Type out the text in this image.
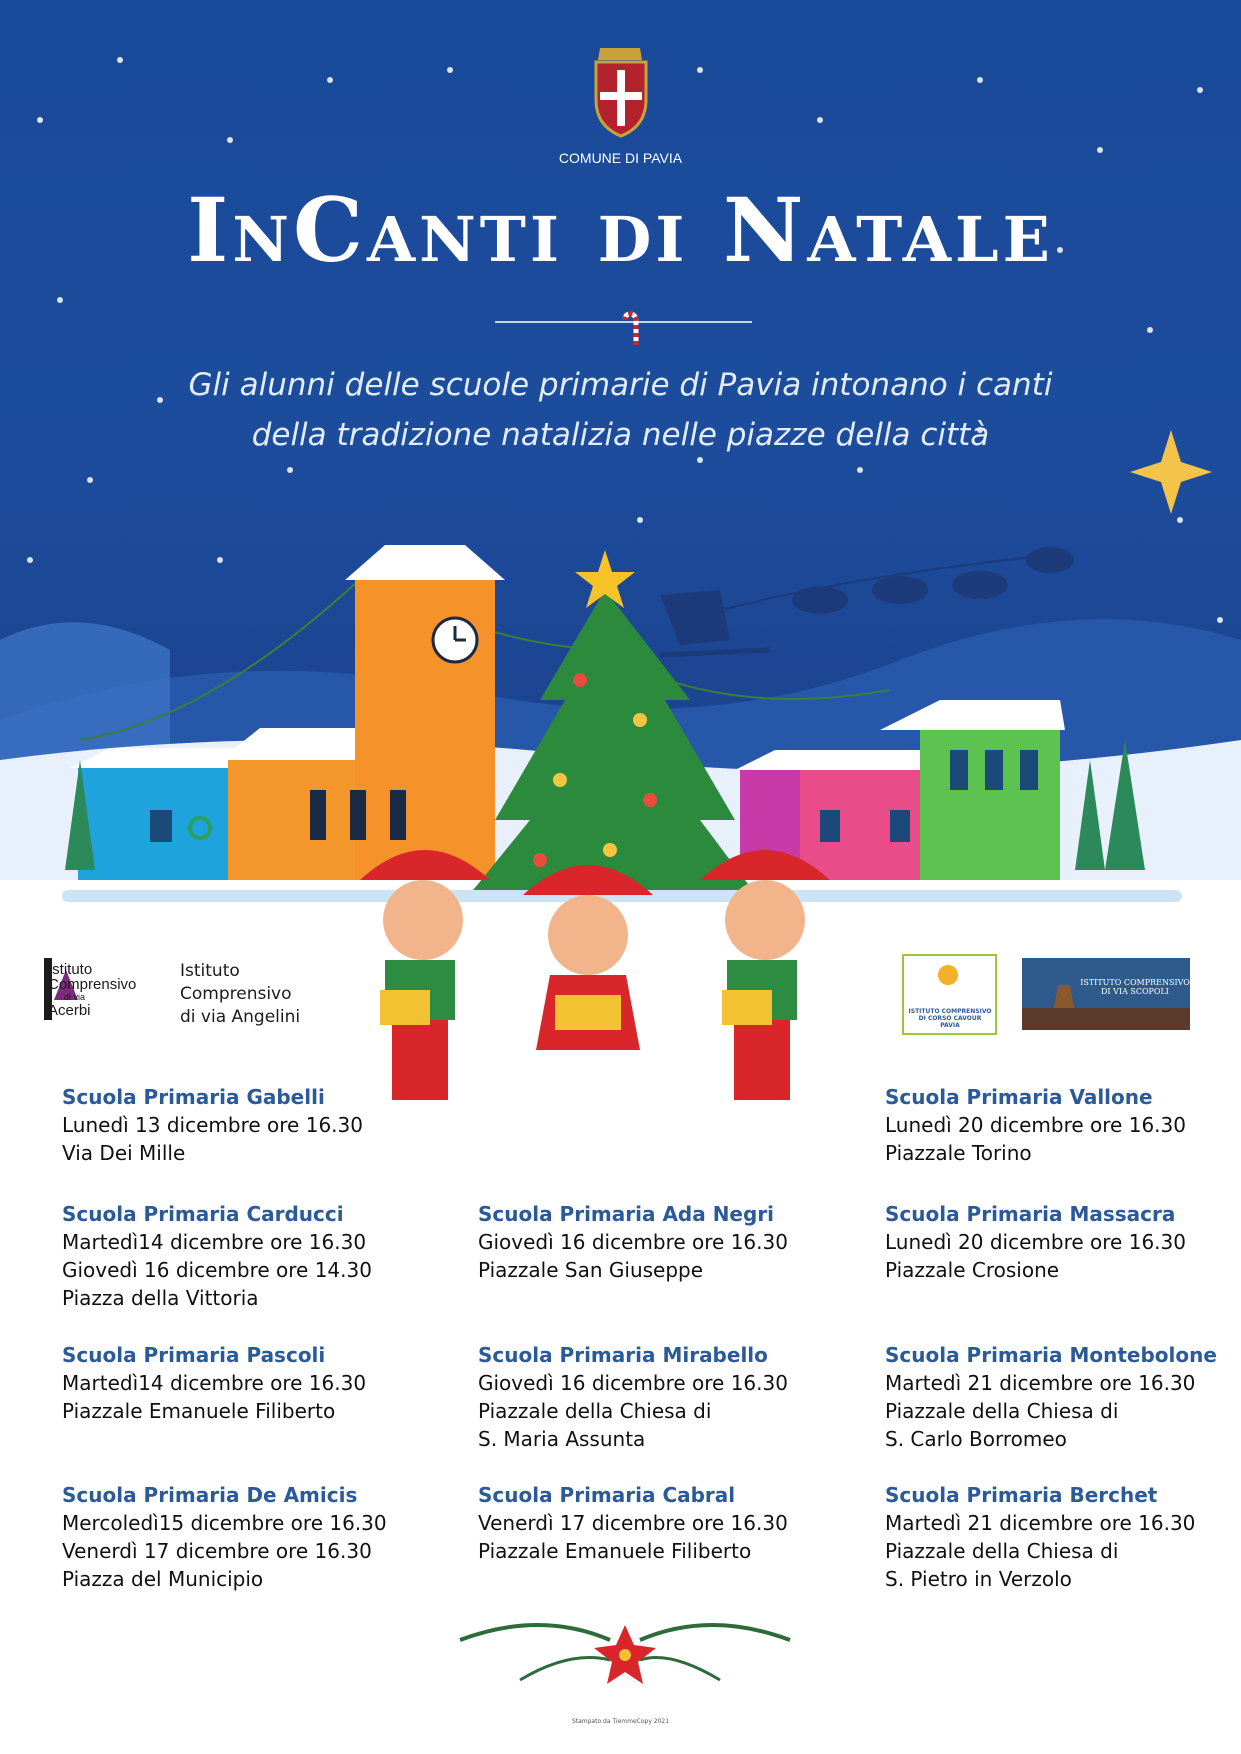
COMUNE DI PAVIA
InCanti di Natale
Gli alunni delle scuole primarie di Pavia intonano i canti
della tradizione natalizia nelle piazze della città
Istituto
Comprensivo
di via
Acerbi
Istituto
Comprensivo
di via Angelini	ISTITUTO COMPRENSIVO
DI CORSO CAVOUR
PAVIA
ISTITUTO COMPRENSIVO
DI VIA SCOPOLI
Scuola Primaria Gabelli
Lunedì 13 dicembre ore 16.30
Via Dei Mille
Scuola Primaria Carducci
Martedì14 dicembre ore 16.30
Giovedì 16 dicembre ore 14.30
Piazza della Vittoria
Scuola Primaria Pascoli
Martedì14 dicembre ore 16.30
Piazzale Emanuele Filiberto
Scuola Primaria De Amicis
Mercoledì15 dicembre ore 16.30
Venerdì 17 dicembre ore 16.30
Piazza del Municipio
Scuola Primaria Ada Negri
Giovedì 16 dicembre ore 16.30
Piazzale San Giuseppe
Scuola Primaria Mirabello
Giovedì 16 dicembre ore 16.30
Piazzale della Chiesa di
S. Maria Assunta
Scuola Primaria Cabral
Venerdì 17 dicembre ore 16.30
Piazzale Emanuele Filiberto
Scuola Primaria Vallone
Lunedì 20 dicembre ore 16.30
Piazzale Torino
Scuola Primaria Massacra
Lunedì 20 dicembre ore 16.30
Piazzale Crosione
Scuola Primaria Montebolone
Martedì 21 dicembre ore 16.30
Piazzale della Chiesa di
S. Carlo Borromeo
Scuola Primaria Berchet
Martedì 21 dicembre ore 16.30
Piazzale della Chiesa di
S. Pietro in Verzolo
Stampato da TiemmeCopy 2021
